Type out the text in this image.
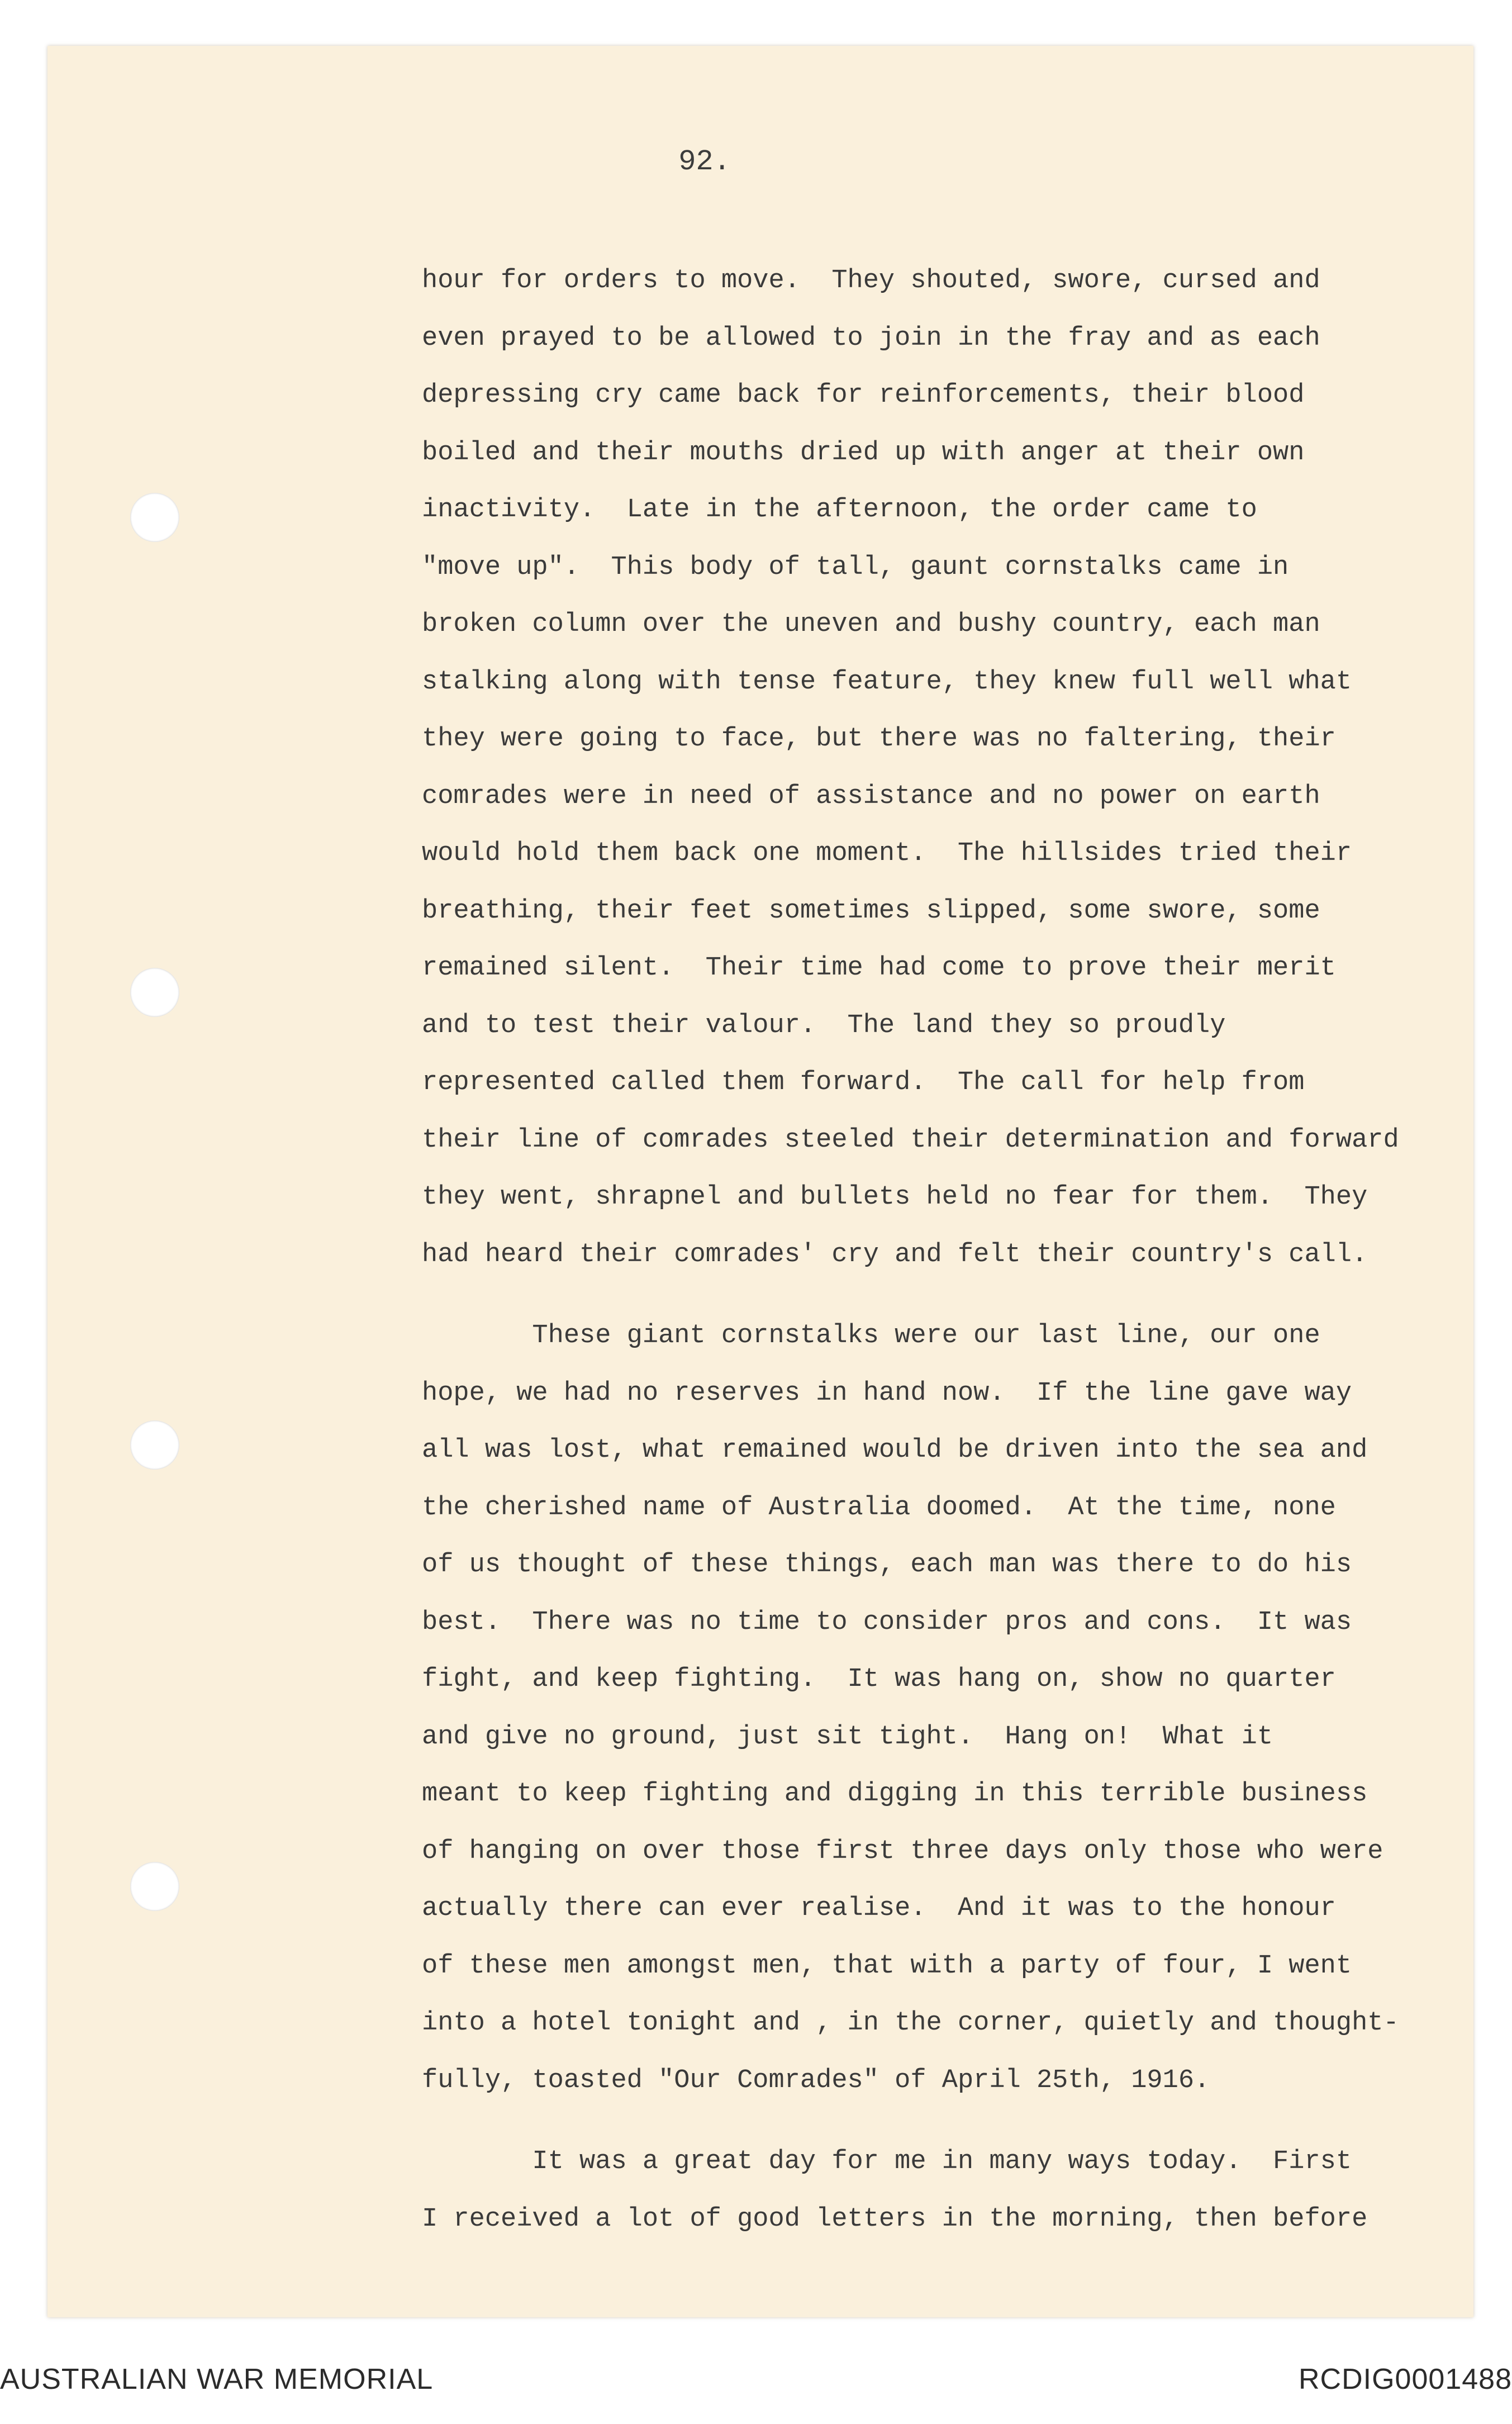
92.
hour for orders to move.  They shouted, swore, cursed and
even prayed to be allowed to join in the fray and as each
depressing cry came back for reinforcements, their blood
boiled and their mouths dried up with anger at their own
inactivity.  Late in the afternoon, the order came to
"move up".  This body of tall, gaunt cornstalks came in
broken column over the uneven and bushy country, each man
stalking along with tense feature, they knew full well what
they were going to face, but there was no faltering, their
comrades were in need of assistance and no power on earth
would hold them back one moment.  The hillsides tried their
breathing, their feet sometimes slipped, some swore, some
remained silent.  Their time had come to prove their merit
and to test their valour.  The land they so proudly
represented called them forward.  The call for help from
their line of comrades steeled their determination and forward
they went, shrapnel and bullets held no fear for them.  They
had heard their comrades' cry and felt their country's call.
These giant cornstalks were our last line, our one
hope, we had no reserves in hand now.  If the line gave way
all was lost, what remained would be driven into the sea and
the cherished name of Australia doomed.  At the time, none
of us thought of these things, each man was there to do his
best.  There was no time to consider pros and cons.  It was
fight, and keep fighting.  It was hang on, show no quarter
and give no ground, just sit tight.  Hang on!  What it
meant to keep fighting and digging in this terrible business
of hanging on over those first three days only those who were
actually there can ever realise.  And it was to the honour
of these men amongst men, that with a party of four, I went
into a hotel tonight and , in the corner, quietly and thought-
fully, toasted "Our Comrades" of April 25th, 1916.
It was a great day for me in many ways today.  First
I received a lot of good letters in the morning, then before
AUSTRALIAN WAR MEMORIAL	RCDIG0001488
